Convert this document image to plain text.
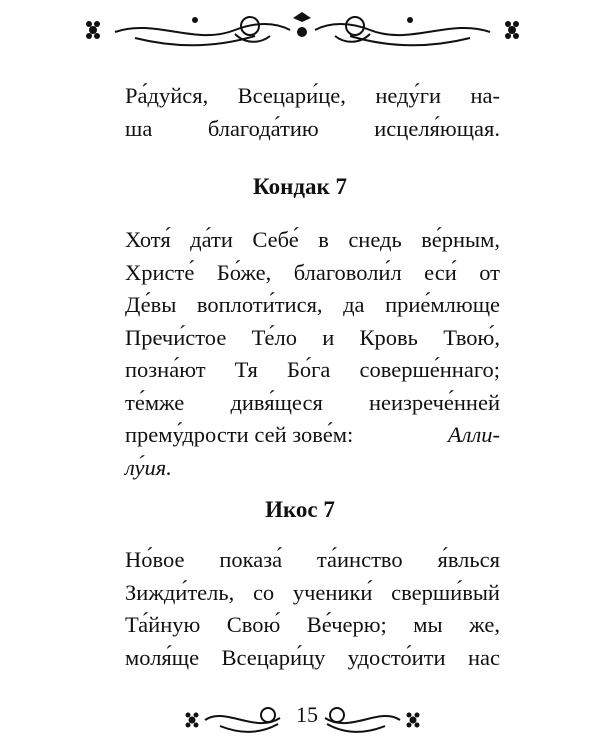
Ра́дуйся, Всецари́це, неду́ги на-
ша благода́тию исцеля́ющая.
Кондак 7
Хотя́ да́ти Себе́ в снедь ве́рным,
Христе́ Бо́же, благоволи́л еси́ от
Де́вы воплоти́тися, да прие́млюще
Пречи́стое Те́ло и Кровь Твою́,
позна́ют Тя Бо́га соверше́ннаго;
те́мже дивя́щеся неизрече́нней
прему́дрости сей зове́м:	Алли-
лу́ия.
Икос 7
Но́вое показа́ та́инство я́влься
Зижди́тель, со ученики́ сверши́вый
Та́йную Свою́ Ве́черю; мы же,
моля́ще Всецари́цу удосто́ити нас
15
